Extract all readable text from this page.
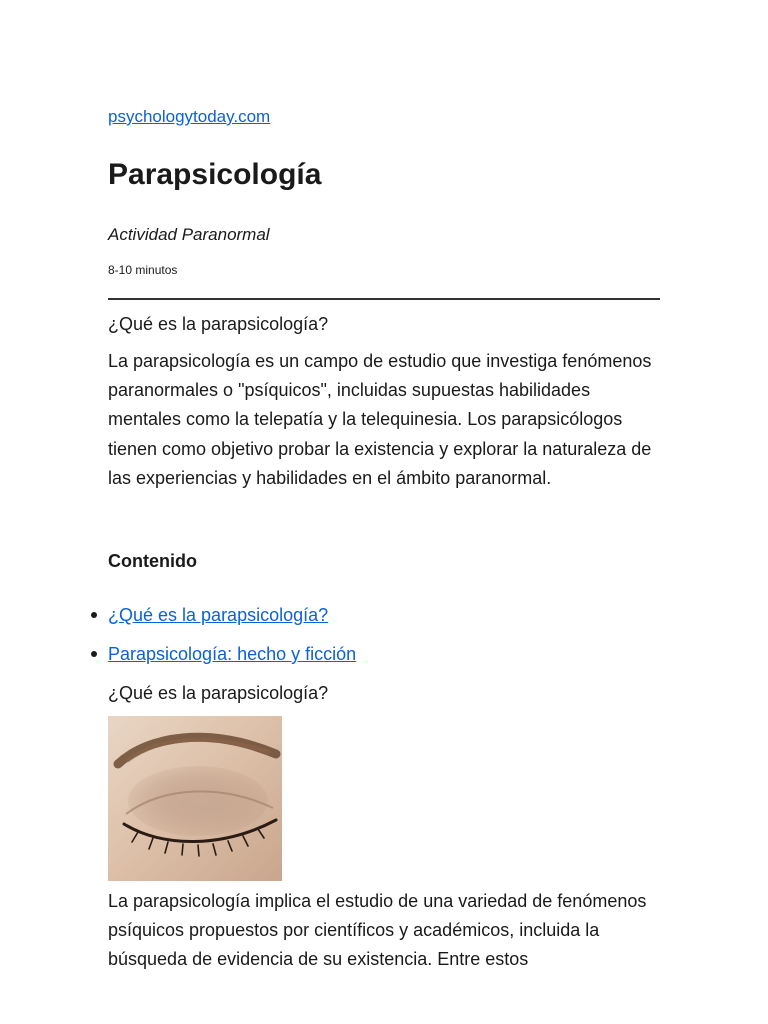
psychologytoday.com
Parapsicología
Actividad Paranormal
8-10 minutos
¿Qué es la parapsicología?

La parapsicología es un campo de estudio que investiga fenómenos paranormales o "psíquicos", incluidas supuestas habilidades mentales como la telepatía y la telequinesia. Los parapsicólogos tienen como objetivo probar la existencia y explorar la naturaleza de las experiencias y habilidades en el ámbito paranormal.

Contenido
¿Qué es la parapsicología?
Parapsicología: hecho y ficción
¿Qué es la parapsicología?

La parapsicología implica el estudio de una variedad de fenómenos psíquicos propuestos por científicos y académicos, incluida la búsqueda de evidencia de su existencia. Entre estos
